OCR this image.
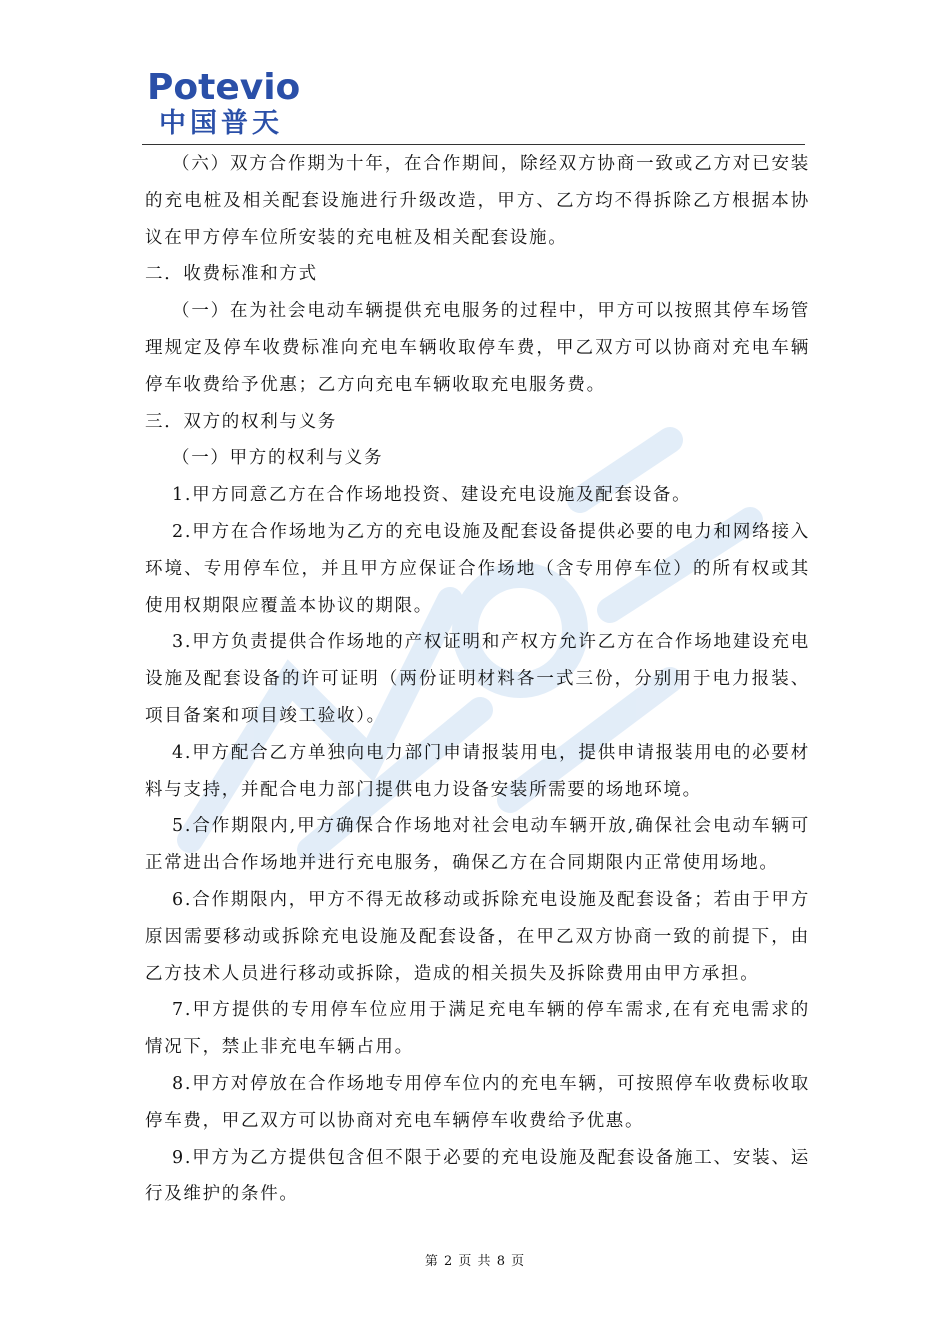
Potevio
中国普天

（六）双方合作期为十年，在合作期间，除经双方协商一致或乙方对已安装的充电桩及相关配套设施进行升级改造，甲方、乙方均不得拆除乙方根据本协议在甲方停车位所安装的充电桩及相关配套设施。

二．收费标准和方式

（一）在为社会电动车辆提供充电服务的过程中，甲方可以按照其停车场管理规定及停车收费标准向充电车辆收取停车费，甲乙双方可以协商对充电车辆停车收费给予优惠；乙方向充电车辆收取充电服务费。

三．双方的权利与义务

（一）甲方的权利与义务

1.甲方同意乙方在合作场地投资、建设充电设施及配套设备。

2.甲方在合作场地为乙方的充电设施及配套设备提供必要的电力和网络接入环境、专用停车位，并且甲方应保证合作场地（含专用停车位）的所有权或其使用权期限应覆盖本协议的期限。

3.甲方负责提供合作场地的产权证明和产权方允许乙方在合作场地建设充电设施及配套设备的许可证明（两份证明材料各一式三份，分别用于电力报装、项目备案和项目竣工验收）。

4.甲方配合乙方单独向电力部门申请报装用电，提供申请报装用电的必要材料与支持，并配合电力部门提供电力设备安装所需要的场地环境。

5.合作期限内,甲方确保合作场地对社会电动车辆开放,确保社会电动车辆可正常进出合作场地并进行充电服务，确保乙方在合同期限内正常使用场地。

6.合作期限内，甲方不得无故移动或拆除充电设施及配套设备；若由于甲方原因需要移动或拆除充电设施及配套设备，在甲乙双方协商一致的前提下，由乙方技术人员进行移动或拆除，造成的相关损失及拆除费用由甲方承担。

7.甲方提供的专用停车位应用于满足充电车辆的停车需求,在有充电需求的情况下，禁止非充电车辆占用。

8.甲方对停放在合作场地专用停车位内的充电车辆，可按照停车收费标收取停车费，甲乙双方可以协商对充电车辆停车收费给予优惠。

9.甲方为乙方提供包含但不限于必要的充电设施及配套设备施工、安装、运行及维护的条件。

第 2 页 共 8 页
